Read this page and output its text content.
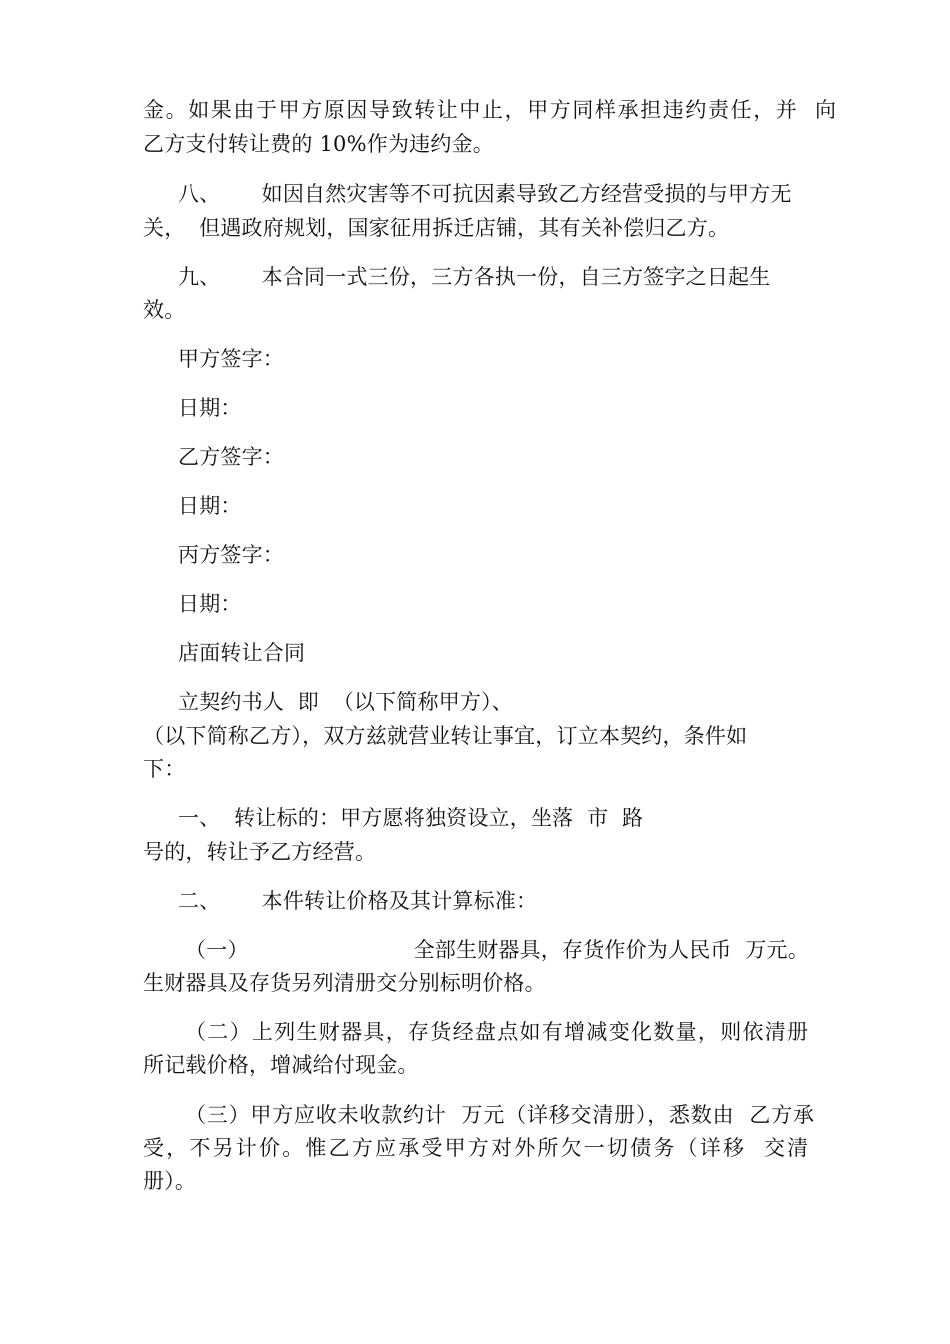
金。如果由于甲方原因导致转让中止，甲方同样承担违约责任，并  向

乙方支付转让费的 10%作为违约金。

八、      如因自然灾害等不可抗因素导致乙方经营受损的与甲方无

关，  但遇政府规划，国家征用拆迁店铺，其有关补偿归乙方。

九、      本合同一式三份，三方各执一份，自三方签字之日起生

效。

甲方签字：

日期：

乙方签字：

日期：

丙方签字：

日期：

店面转让合同

立契约书人  即  （以下简称甲方）、

（以下简称乙方），双方兹就营业转让事宜，订立本契约，条件如

下：

一、  转让标的：甲方愿将独资设立，坐落  市  路

号的，转让予乙方经营。

二、      本件转让价格及其计算标准：

（一）                        全部生财器具，存货作价为人民币  万元。

生财器具及存货另列清册交分别标明价格。

（二）上列生财器具，存货经盘点如有增减变化数量，则依清册

所记载价格，增减给付现金。

（三）甲方应收未收款约计  万元（详移交清册），悉数由  乙方承

受，不另计价。惟乙方应承受甲方对外所欠一切债务（详移  交清

册）。
